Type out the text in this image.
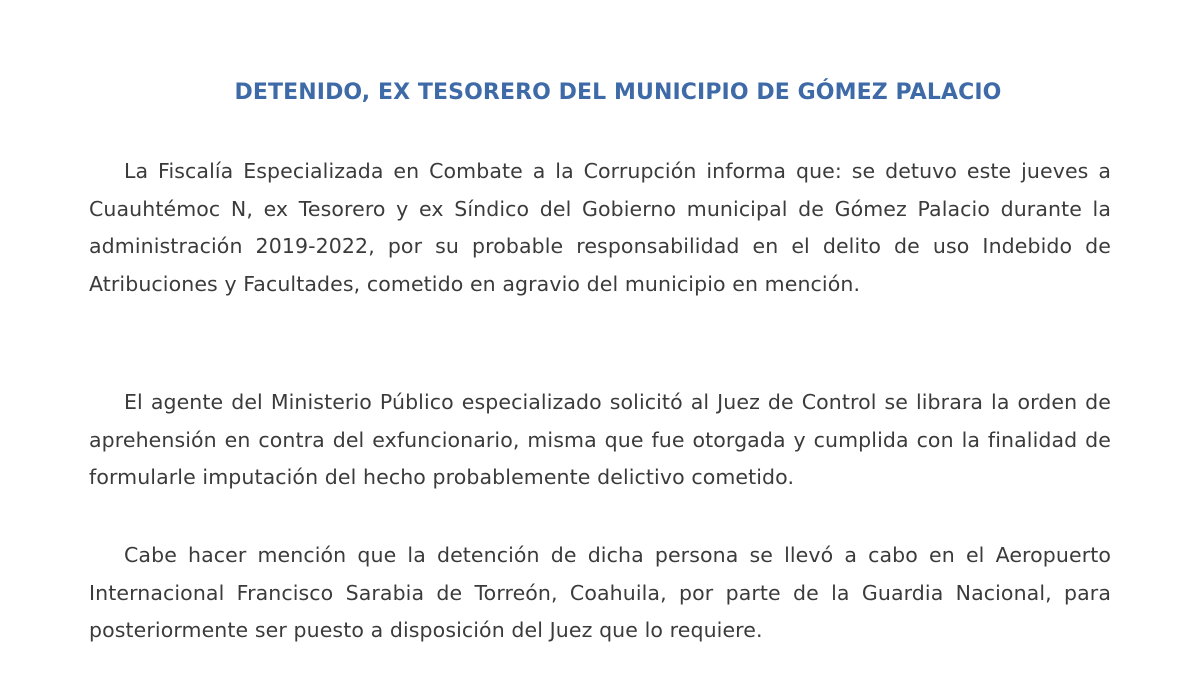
DETENIDO, EX TESORERO DEL MUNICIPIO DE GÓMEZ PALACIO

La Fiscalía Especializada en Combate a la Corrupción informa que: se detuvo este jueves a Cuauhtémoc N, ex Tesorero y ex Síndico del Gobierno municipal de Gómez Palacio durante la administración 2019-2022, por su probable responsabilidad en el delito de uso Indebido de Atribuciones y Facultades, cometido en agravio del municipio en mención.

El agente del Ministerio Público especializado solicitó al Juez de Control se librara la orden de aprehensión en contra del exfuncionario, misma que fue otorgada y cumplida con la finalidad de formularle imputación del hecho probablemente delictivo cometido.

Cabe hacer mención que la detención de dicha persona se llevó a cabo en el Aeropuerto Internacional Francisco Sarabia de Torreón, Coahuila, por parte de la Guardia Nacional, para posteriormente ser puesto a disposición del Juez que lo requiere.
